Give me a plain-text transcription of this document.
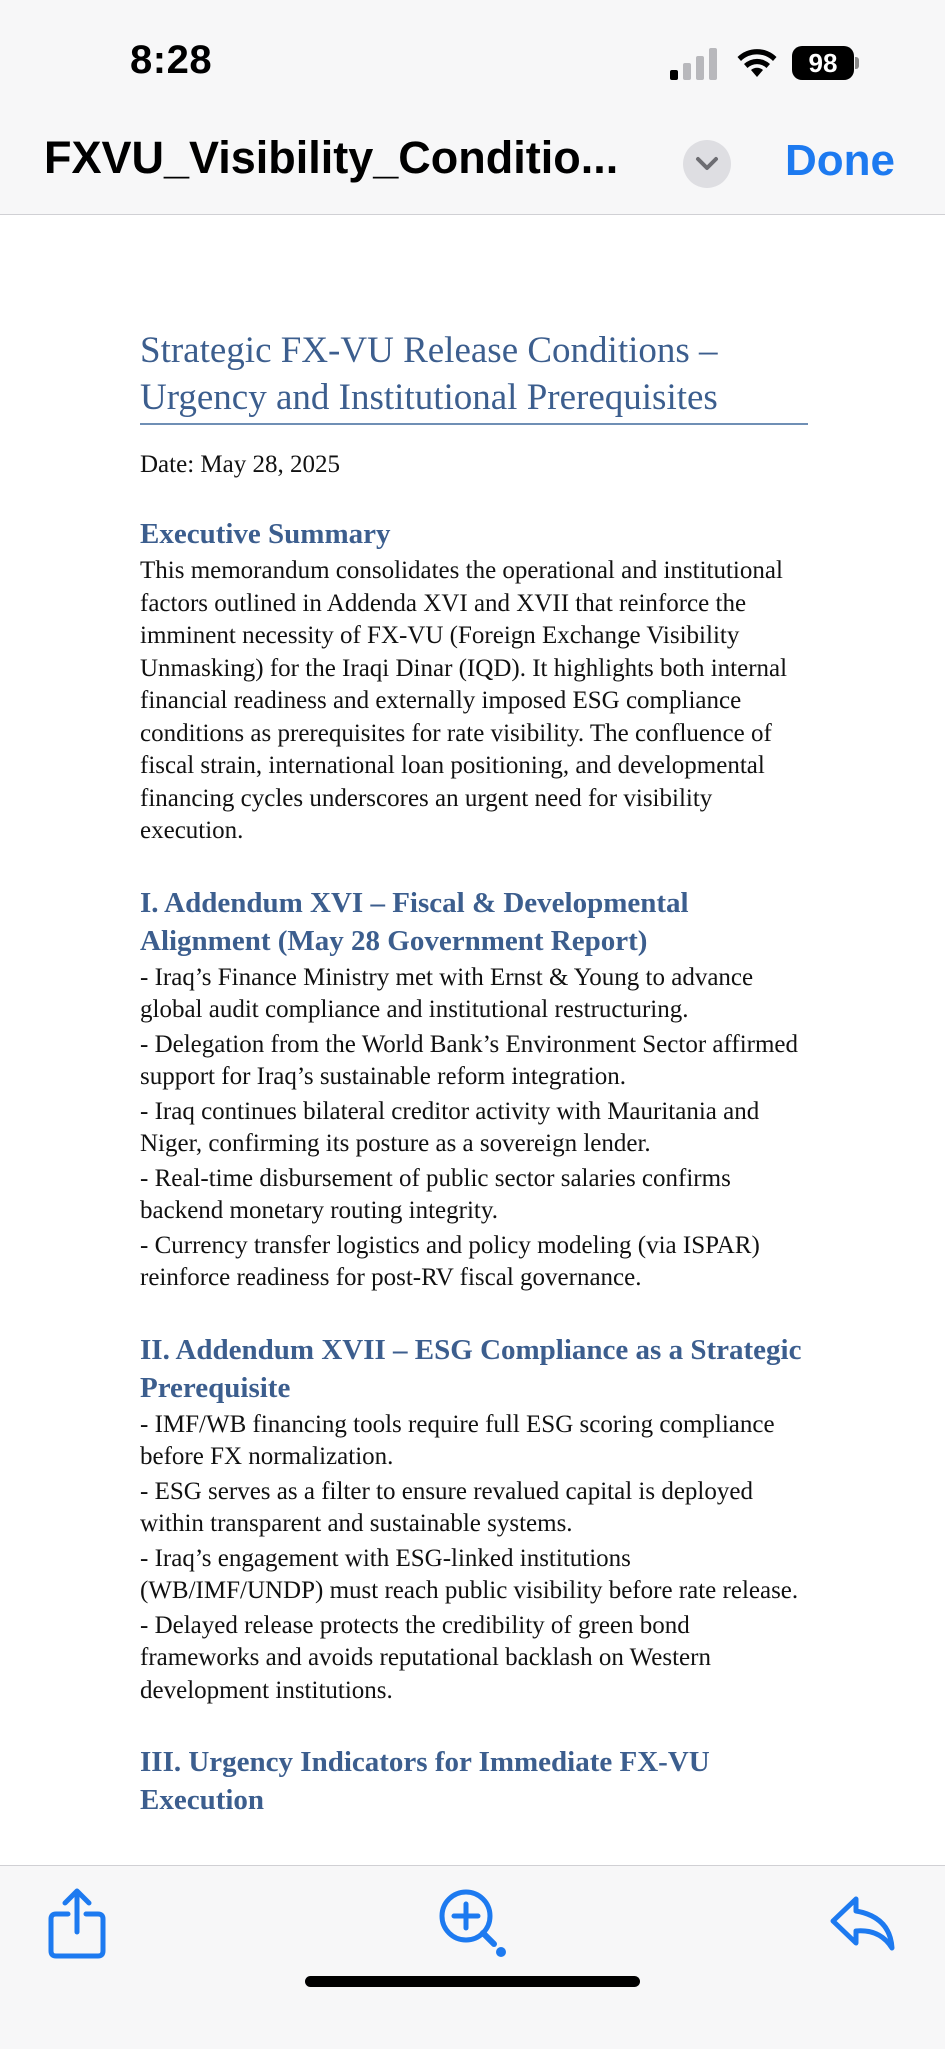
8:28	98
FXVU_Visibility_Conditio...	Done
Strategic FX-VU Release Conditions –
Urgency and Institutional Prerequisites
Date: May 28, 2025
Executive Summary

This memorandum consolidates the operational and institutional factors outlined in Addenda XVI and XVII that reinforce the imminent necessity of FX-VU (Foreign Exchange Visibility Unmasking) for the Iraqi Dinar (IQD). It highlights both internal financial readiness and externally imposed ESG compliance conditions as prerequisites for rate visibility. The confluence of fiscal strain, international loan positioning, and developmental financing cycles underscores an urgent need for visibility execution.

I. Addendum XVI – Fiscal & Developmental Alignment (May 28 Government Report)

- Iraq’s Finance Ministry met with Ernst & Young to advance global audit compliance and institutional restructuring.

- Delegation from the World Bank’s Environment Sector affirmed support for Iraq’s sustainable reform integration.

- Iraq continues bilateral creditor activity with Mauritania and Niger, confirming its posture as a sovereign lender.

- Real-time disbursement of public sector salaries confirms backend monetary routing integrity.

- Currency transfer logistics and policy modeling (via ISPAR) reinforce readiness for post-RV fiscal governance.

II. Addendum XVII – ESG Compliance as a Strategic Prerequisite

- IMF/WB financing tools require full ESG scoring compliance before FX normalization.

- ESG serves as a filter to ensure revalued capital is deployed within transparent and sustainable systems.

- Iraq’s engagement with ESG-linked institutions (WB/IMF/UNDP) must reach public visibility before rate release.

- Delayed release protects the credibility of green bond frameworks and avoids reputational backlash on Western development institutions.

III. Urgency Indicators for Immediate FX-VU Execution
